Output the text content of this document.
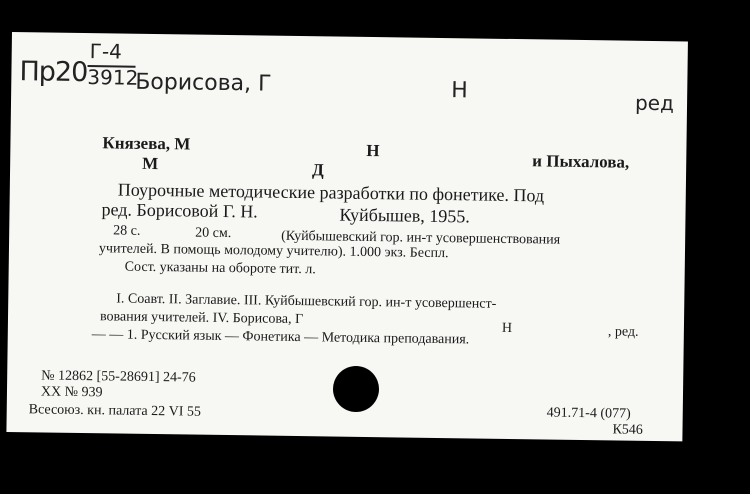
Пр20
Г-4
3912
Борисова, Г	Н	ред
Князева, М	Н
и Пыхалова,
М	Д
Поурочные методические разработки по фонетике. Под
ред. Борисовой Г. Н.	Куйбышев, 1955.
28 с.	20 см.	(Куйбышевский гор. ин-т усовершенствования
учителей. В помощь молодому учителю). 1.000 экз. Беспл.
Сост. указаны на обороте тит. л.
I. Соавт. II. Заглавие. III. Куйбышевский гор. ин-т усовершенст-
вования учителей. IV. Борисова, Г
Н	, ред.
— — 1. Русский язык — Фонетика — Методика преподавания.
№ 12862 [55-28691] 24-76
XX № 939
Всесоюз. кн. палата 22 VI 55	491.71-4 (077)
К546
